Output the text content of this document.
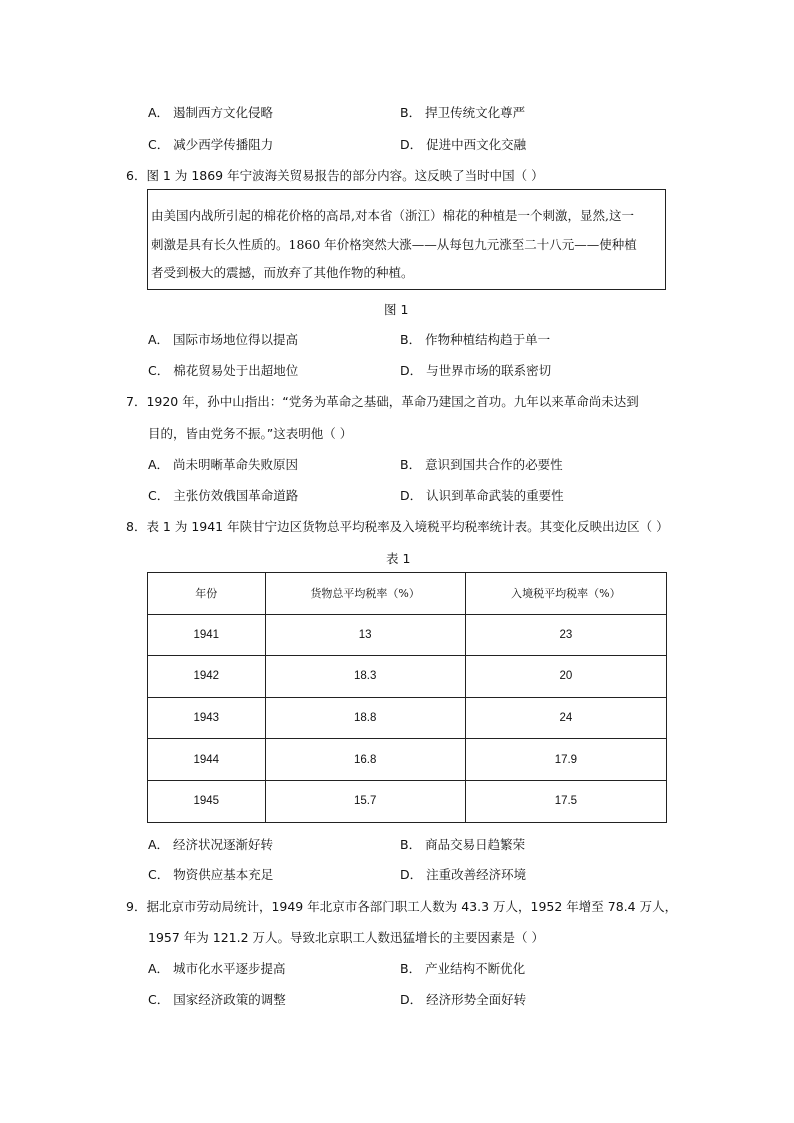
A． 遏制西方文化侵略	B． 捍卫传统文化尊严
C． 减少西学传播阻力	D． 促进中西文化交融
6．图 1 为 1869 年宁波海关贸易报告的部分内容。这反映了当时中国（ ）
由美国内战所引起的棉花价格的高昂,对本省（浙江）棉花的种植是一个刺激，显然,这一
刺激是具有长久性质的。1860 年价格突然大涨——从每包九元涨至二十八元——使种植
者受到极大的震撼，而放弃了其他作物的种植。
图 1
A． 国际市场地位得以提高	B． 作物种植结构趋于单一
C． 棉花贸易处于出超地位	D． 与世界市场的联系密切
7．1920 年，孙中山指出：“党务为革命之基础，革命乃建国之首功。九年以来革命尚未达到
目的，皆由党务不振。”这表明他（ ）
A． 尚未明晰革命失败原因	B． 意识到国共合作的必要性
C． 主张仿效俄国革命道路	D． 认识到革命武装的重要性
8．表 1 为 1941 年陕甘宁边区货物总平均税率及入境税平均税率统计表。其变化反映出边区（ ）
表 1
年份	货物总平均税率（%）	入境税平均税率（%）
1941	13	23
1942	18.3	20
1943	18.8	24
1944	16.8	17.9
1945	15.7	17.5
A． 经济状况逐渐好转	B． 商品交易日趋繁荣
C． 物资供应基本充足	D． 注重改善经济环境
9．据北京市劳动局统计，1949 年北京市各部门职工人数为 43.3 万人，1952 年增至 78.4 万人，
1957 年为 121.2 万人。导致北京职工人数迅猛增长的主要因素是（ ）
A． 城市化水平逐步提高	B． 产业结构不断优化
C． 国家经济政策的调整	D． 经济形势全面好转
